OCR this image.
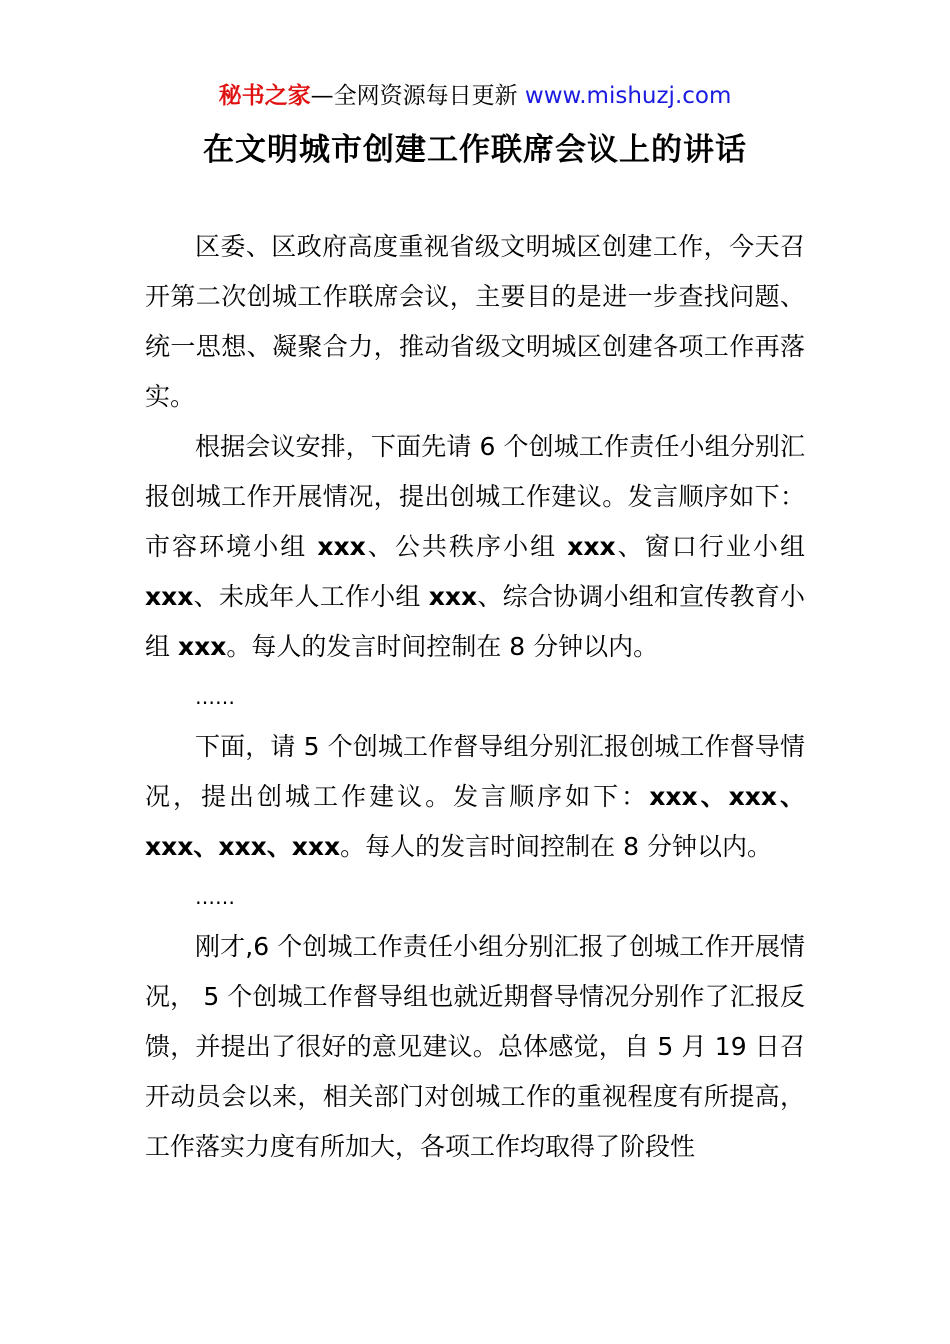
秘书之家—全网资源每日更新 www.mishuzj.com
在文明城市创建工作联席会议上的讲话

区委、区政府高度重视省级文明城区创建工作，今天召开第二次创城工作联席会议，主要目的是进一步查找问题、统一思想、凝聚合力，推动省级文明城区创建各项工作再落实。

根据会议安排，下面先请 6 个创城工作责任小组分别汇报创城工作开展情况，提出创城工作建议。发言顺序如下：市容环境小组 xxx、公共秩序小组 xxx、窗口行业小组 xxx、未成年人工作小组 xxx、综合协调小组和宣传教育小组 xxx。每人的发言时间控制在 8 分钟以内。

……

下面，请 5 个创城工作督导组分别汇报创城工作督导情况，提出创城工作建议。发言顺序如下：xxx、xxx、xxx、xxx、xxx。每人的发言时间控制在 8 分钟以内。

……

刚才,6 个创城工作责任小组分别汇报了创城工作开展情况， 5 个创城工作督导组也就近期督导情况分别作了汇报反馈，并提出了很好的意见建议。总体感觉，自 5 月 19 日召开动员会以来，相关部门对创城工作的重视程度有所提高，工作落实力度有所加大，各项工作均取得了阶段性
